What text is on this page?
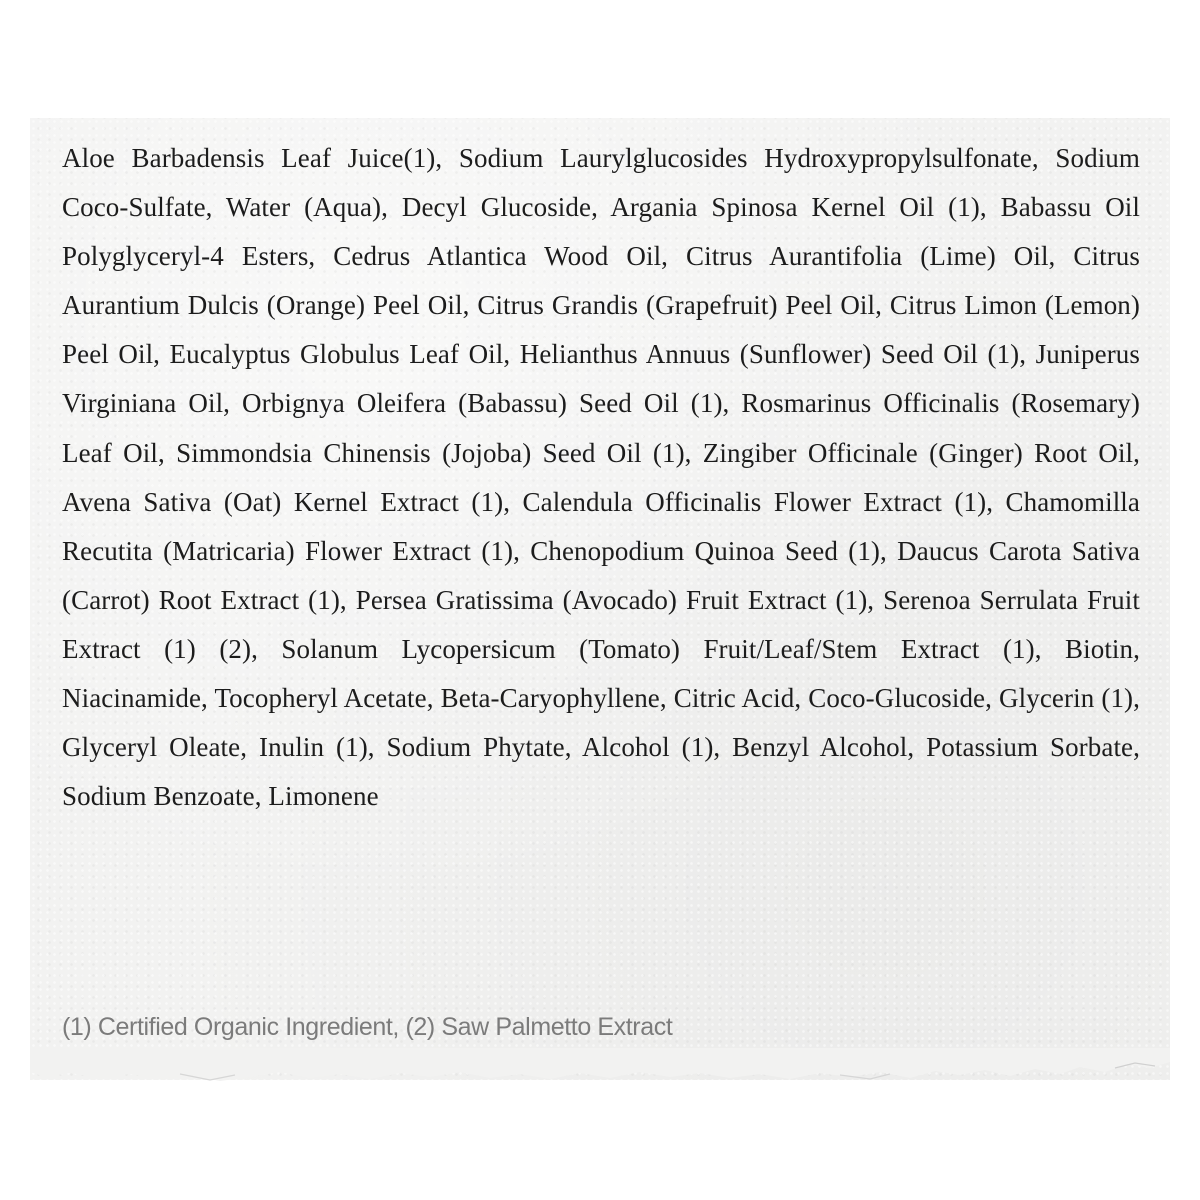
Aloe Barbadensis Leaf Juice(1), Sodium Laurylglucosides Hydroxypropylsulfonate, Sodium Coco-Sulfate, Water (Aqua), Decyl Glucoside, Argania Spinosa Kernel Oil (1), Babassu Oil Polyglyceryl-4 Esters, Cedrus Atlantica Wood Oil, Citrus Aurantifolia (Lime) Oil, Citrus Aurantium Dulcis (Orange) Peel Oil, Citrus Grandis (Grapefruit) Peel Oil, Citrus Limon (Lemon) Peel Oil, Eucalyptus Globulus Leaf Oil, Helianthus Annuus (Sunflower) Seed Oil (1), Juniperus Virginiana Oil, Orbignya Oleifera (Babassu) Seed Oil (1), Rosmarinus Officinalis (Rosemary) Leaf Oil, Simmondsia Chinensis (Jojoba) Seed Oil (1), Zingiber Officinale (Ginger) Root Oil, Avena Sativa (Oat) Kernel Extract (1), Calendula Officinalis Flower Extract (1), Chamomilla Recutita (Matricaria) Flower Extract (1), Chenopodium Quinoa Seed (1), Daucus Carota Sativa (Carrot) Root Extract (1), Persea Gratissima (Avocado) Fruit Extract (1), Serenoa Serrulata Fruit Extract (1) (2), Solanum Lycopersicum (Tomato) Fruit/Leaf/Stem Extract (1), Biotin, Niacinamide, Tocopheryl Acetate, Beta-Caryophyllene, Citric Acid, Coco-Glucoside, Glycerin (1), Glyceryl Oleate, Inulin (1), Sodium Phytate, Alcohol (1), Benzyl Alcohol, Potassium Sorbate, Sodium Benzoate, Limonene

(1) Certified Organic Ingredient, (2) Saw Palmetto Extract
